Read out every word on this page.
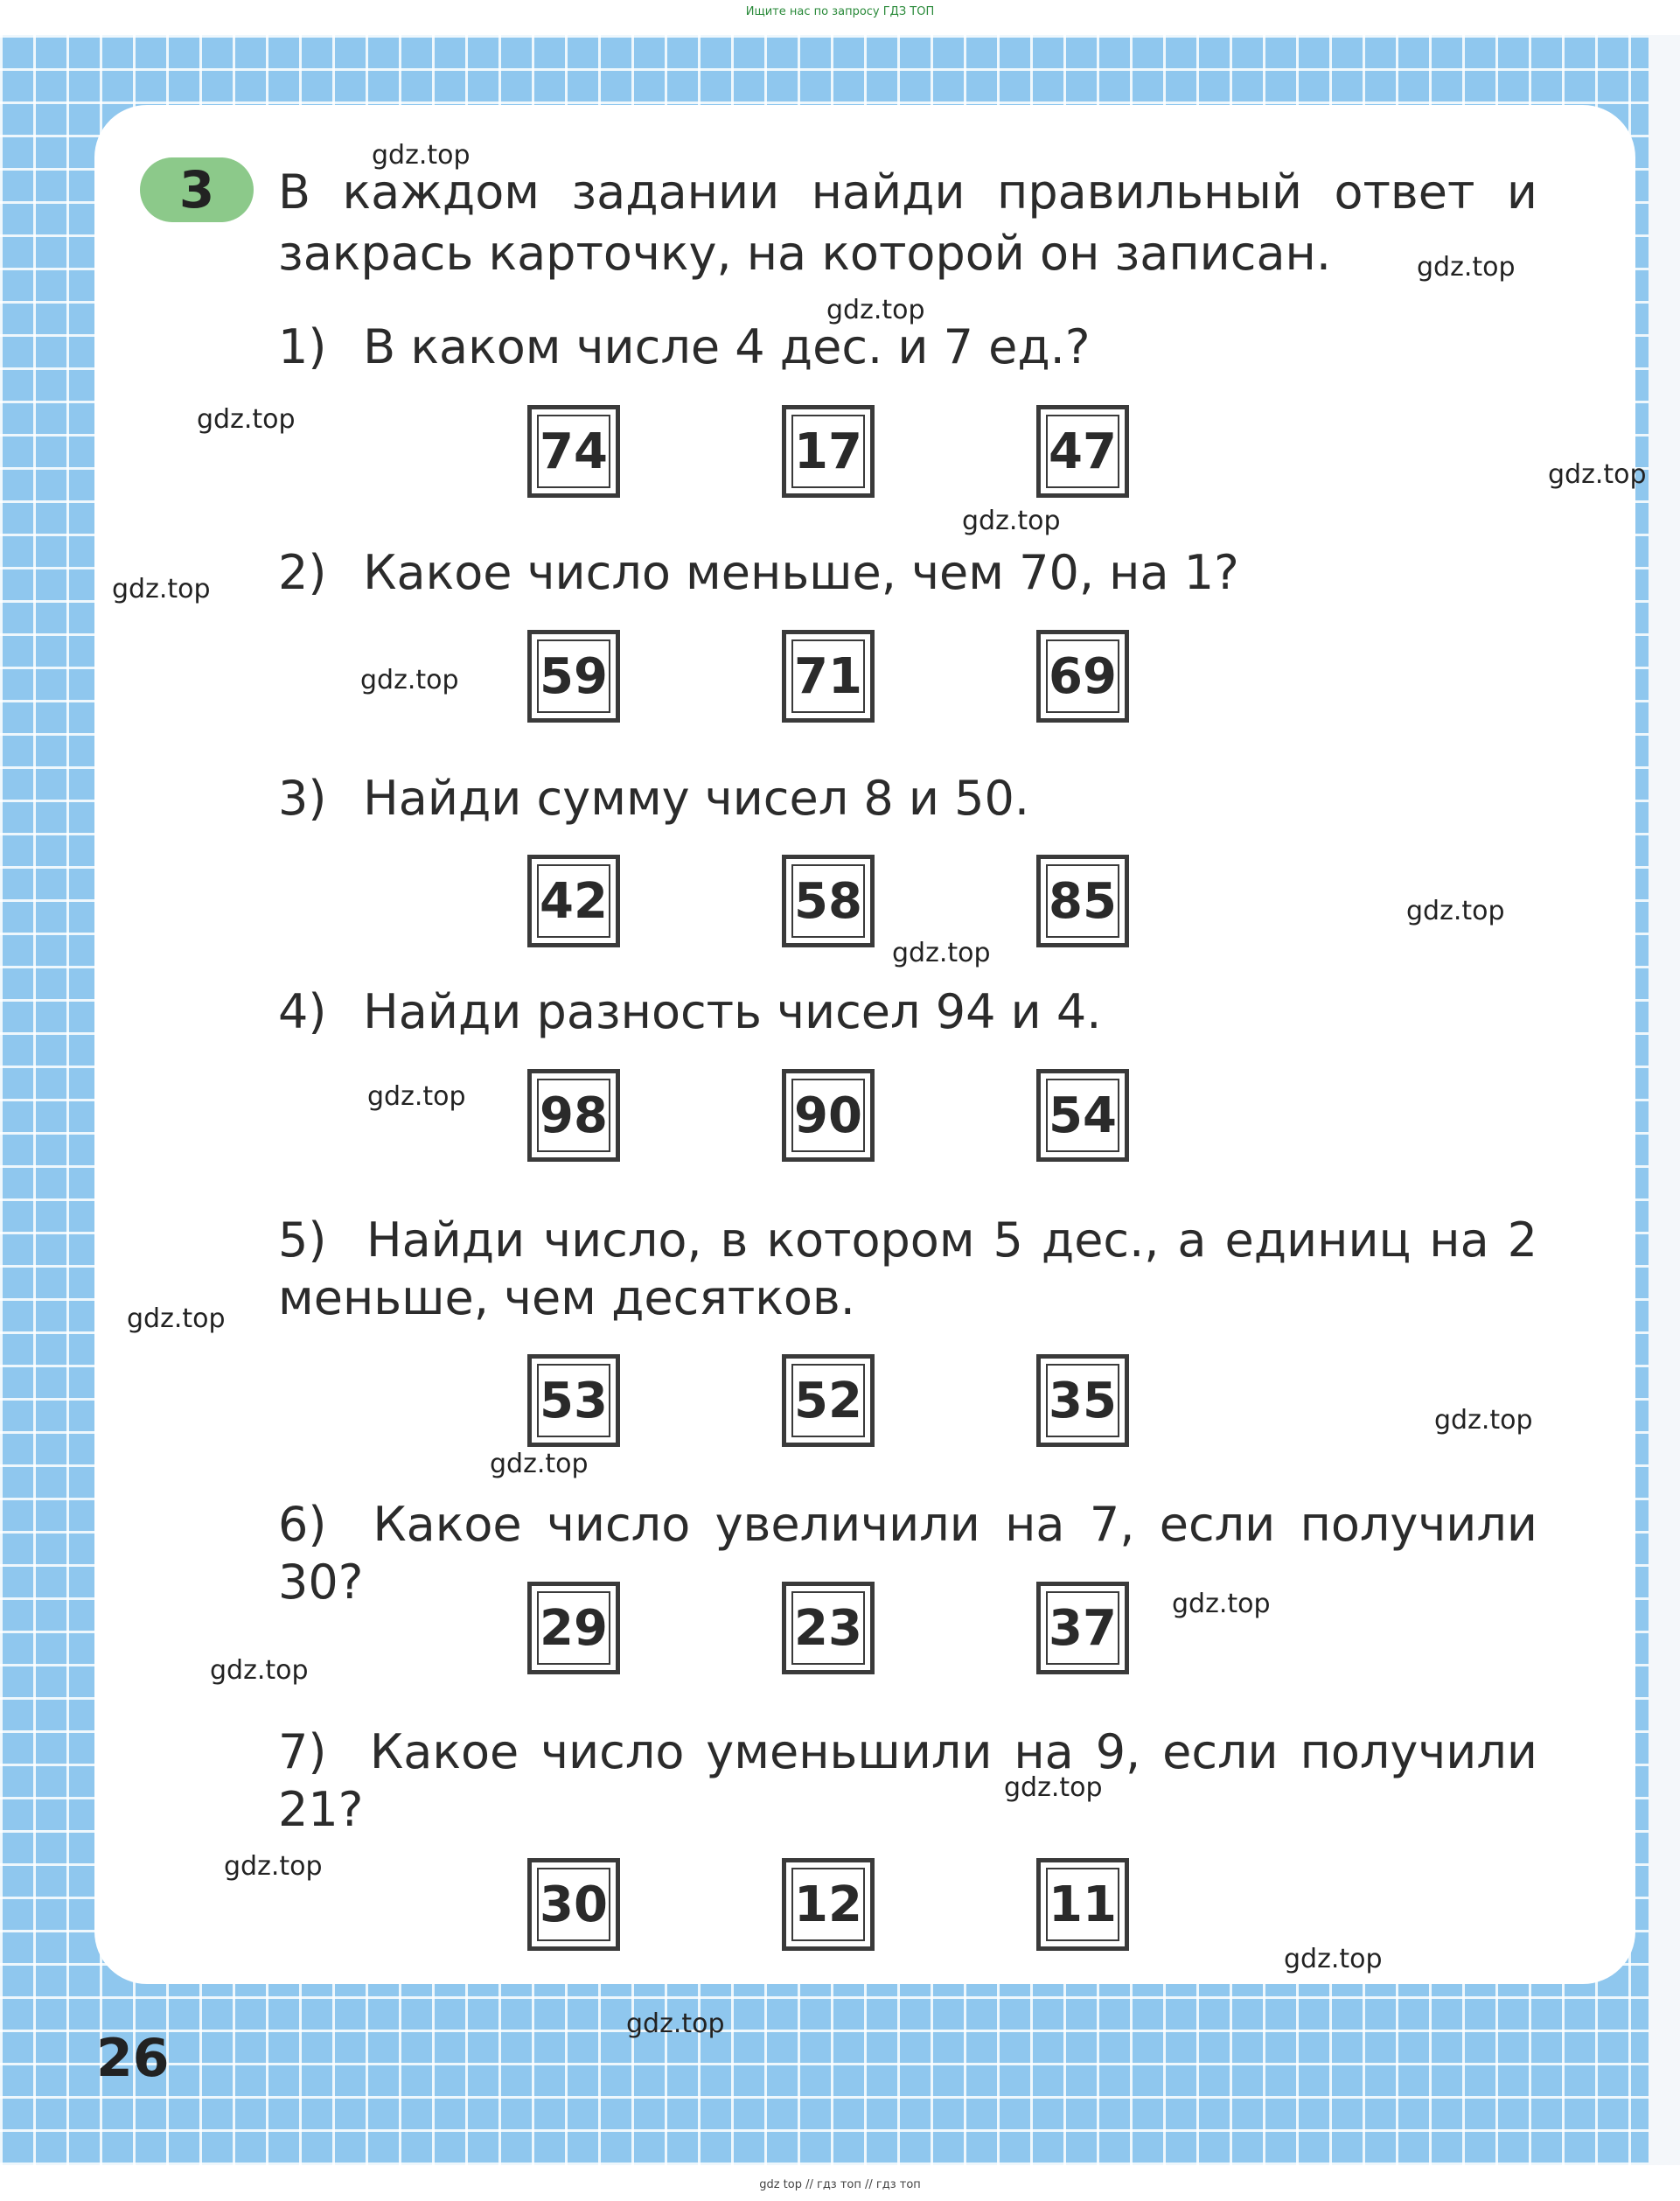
Ищите нас по запросу ГДЗ ТОП
3	В каждом задании найди правильный ответ и закрась карточку, на которой он записан.
1) В каком числе 4 дес. и 7 ед.?
74	17	47
2) Какое число меньше, чем 70, на 1?
59	71	69
3) Найди сумму чисел 8 и 50.
42	58	85
4) Найди разность чисел 94 и 4.
98	90	54
5) Найди число, в котором 5 дес., а единиц на 2 меньше, чем десятков.
53	52	35
6) Какое число увеличили на 7, если получили 30?
29	23	37
7) Какое число уменьшили на 9, если получили 21?
30	12	11
26
gdz.top
gdz.top
gdz.top
gdz.top
gdz.top
gdz.top
gdz.top
gdz.top
gdz.top
gdz.top
gdz.top
gdz.top
gdz.top
gdz.top
gdz.top
gdz.top
gdz.top
gdz.top
gdz.top
gdz.top
gdz top // гдз топ // гдз топ
